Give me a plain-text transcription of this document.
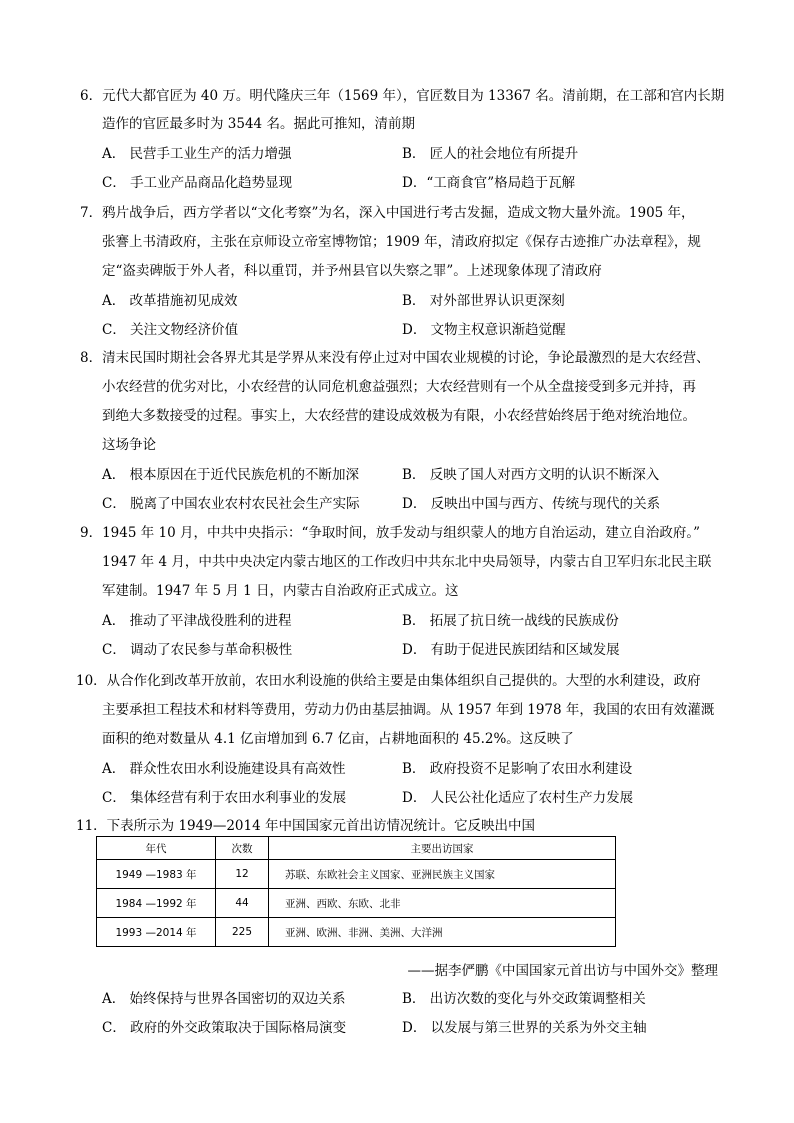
6．元代大都官匠为 40 万。明代隆庆三年（1569 年），官匠数目为 13367 名。清前期，在工部和宫内长期
造作的官匠最多时为 3544 名。据此可推知，清前期
A． 民营手工业生产的活力增强	B． 匠人的社会地位有所提升
C． 手工业产品商品化趋势显现	D．“工商食官”格局趋于瓦解
7．鸦片战争后，西方学者以“文化考察”为名，深入中国进行考古发掘，造成文物大量外流。1905 年，
张謇上书清政府，主张在京师设立帝室博物馆；1909 年，清政府拟定《保存古迹推广办法章程》，规
定“盗卖碑版于外人者，科以重罚，并予州县官以失察之罪”。上述现象体现了清政府
A． 改革措施初见成效	B． 对外部世界认识更深刻
C． 关注文物经济价值	D． 文物主权意识渐趋觉醒
8．清末民国时期社会各界尤其是学界从来没有停止过对中国农业规模的讨论，争论最激烈的是大农经营、
小农经营的优劣对比，小农经营的认同危机愈益强烈；大农经营则有一个从全盘接受到多元并持，再
到绝大多数接受的过程。事实上，大农经营的建设成效极为有限，小农经营始终居于绝对统治地位。
这场争论
A． 根本原因在于近代民族危机的不断加深	B． 反映了国人对西方文明的认识不断深入
C． 脱离了中国农业农村农民社会生产实际	D． 反映出中国与西方、传统与现代的关系
9．1945 年 10 月，中共中央指示：“争取时间，放手发动与组织蒙人的地方自治运动，建立自治政府。”
1947 年 4 月，中共中央决定内蒙古地区的工作改归中共东北中央局领导，内蒙古自卫军归东北民主联
军建制。1947 年 5 月 1 日，内蒙古自治政府正式成立。这
A． 推动了平津战役胜利的进程	B． 拓展了抗日统一战线的民族成份
C． 调动了农民参与革命积极性	D． 有助于促进民族团结和区域发展
10．从合作化到改革开放前，农田水利设施的供给主要是由集体组织自己提供的。大型的水利建设，政府
主要承担工程技术和材料等费用，劳动力仍由基层抽调。从 1957 年到 1978 年，我国的农田有效灌溉
面积的绝对数量从 4.1 亿亩增加到 6.7 亿亩，占耕地面积的 45.2%。这反映了
A． 群众性农田水利设施建设具有高效性	B． 政府投资不足影响了农田水利建设
C． 集体经营有利于农田水利事业的发展	D． 人民公社化适应了农村生产力发展
11．下表所示为 1949—2014 年中国国家元首出访情况统计。它反映出中国
年代	次数	主要出访国家
1949 —1983 年	12	苏联、东欧社会主义国家、亚洲民族主义国家
1984 —1992 年	44	亚洲、西欧、东欧、北非
1993 —2014 年	225	亚洲、欧洲、非洲、美洲、大洋洲
——据李俨鹏《中国国家元首出访与中国外交》整理
A． 始终保持与世界各国密切的双边关系	B． 出访次数的变化与外交政策调整相关
C． 政府的外交政策取决于国际格局演变	D． 以发展与第三世界的关系为外交主轴
